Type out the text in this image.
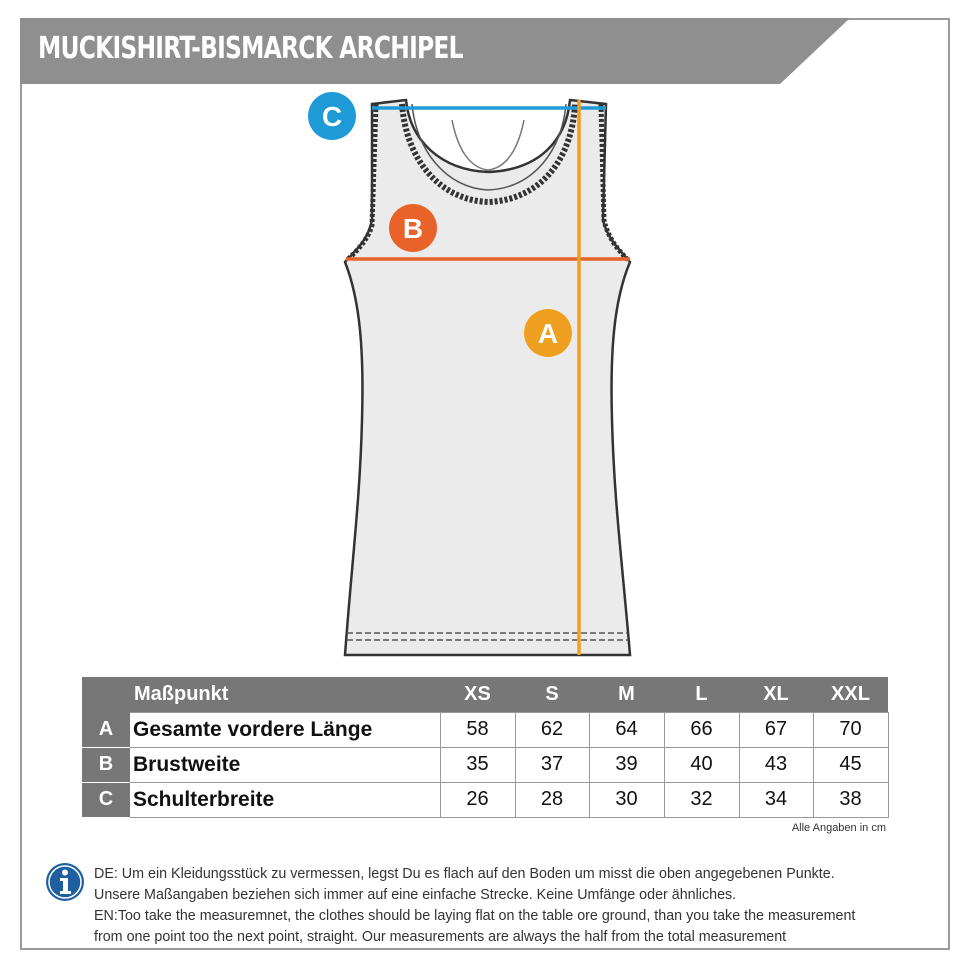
MUCKISHIRT-BISMARCK ARCHIPEL
C
B
A
	Maßpunkt	XS	S	M	L	XL	XXL
A	Gesamte vordere Länge	58	62	64	66	67	70
B	Brustweite	35	37	39	40	43	45
C	Schulterbreite	26	28	30	32	34	38
Alle Angaben in cm
DE: Um ein Kleidungsstück zu vermessen, legst Du es flach auf den Boden um misst die oben angegebenen Punkte.
Unsere Maßangaben beziehen sich immer auf eine einfache Strecke. Keine Umfänge oder ähnliches.
EN:Too take the measuremnet, the clothes should be laying flat on the table ore ground, than you take the measurement
from one point too the next point, straight. Our measurements are always the half from the total measurement
